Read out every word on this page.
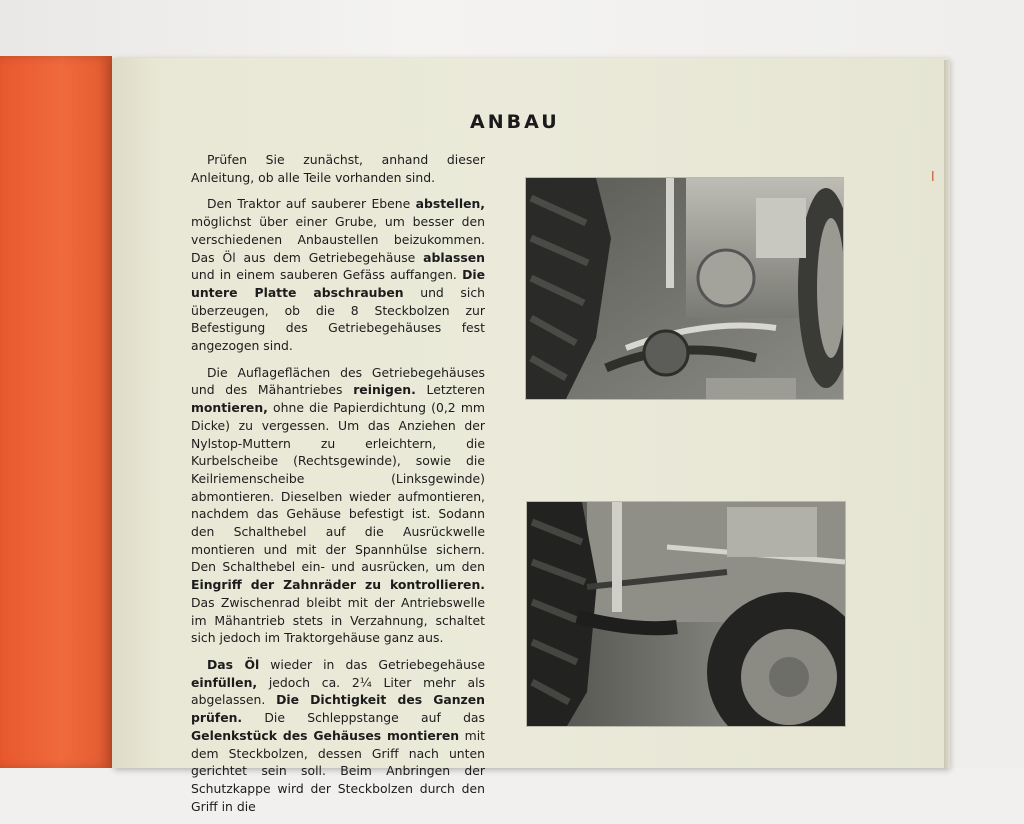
ANBAU

Prüfen Sie zunächst, anhand dieser Anleitung, ob alle Teile vorhanden sind.

Den Traktor auf sauberer Ebene abstellen, möglichst über einer Grube, um besser den verschiedenen Anbaustellen beizukommen. Das Öl aus dem Getriebegehäuse ablassen und in einem sauberen Gefäss auffangen. Die untere Platte abschrauben und sich überzeugen, ob die 8 Steckbolzen zur Befestigung des Getriebegehäuses fest angezogen sind.

Die Auflageflächen des Getriebegehäuses und des Mähantriebes reinigen. Letzteren montieren, ohne die Papierdichtung (0,2 mm Dicke) zu vergessen. Um das Anziehen der Nylstop-Muttern zu erleichtern, die Kurbelscheibe (Rechtsgewinde), sowie die Keilriemenscheibe (Linksgewinde) abmontieren. Dieselben wieder aufmontieren, nachdem das Gehäuse befestigt ist. Sodann den Schalthebel auf die Ausrückwelle montieren und mit der Spannhülse sichern. Den Schalthebel ein- und ausrücken, um den Eingriff der Zahnräder zu kontrollieren. Das Zwischenrad bleibt mit der Antriebswelle im Mähantrieb stets in Verzahnung, schaltet sich jedoch im Traktorgehäuse ganz aus.

Das Öl wieder in das Getriebegehäuse einfüllen, jedoch ca. 2¼ Liter mehr als abgelassen. Die Dichtigkeit des Ganzen prüfen. Die Schleppstange auf das Gelenkstück des Gehäuses montieren mit dem Steckbolzen, dessen Griff nach unten gerichtet sein soll. Beim Anbringen der Schutzkappe wird der Steckbolzen durch den Griff in die

l
